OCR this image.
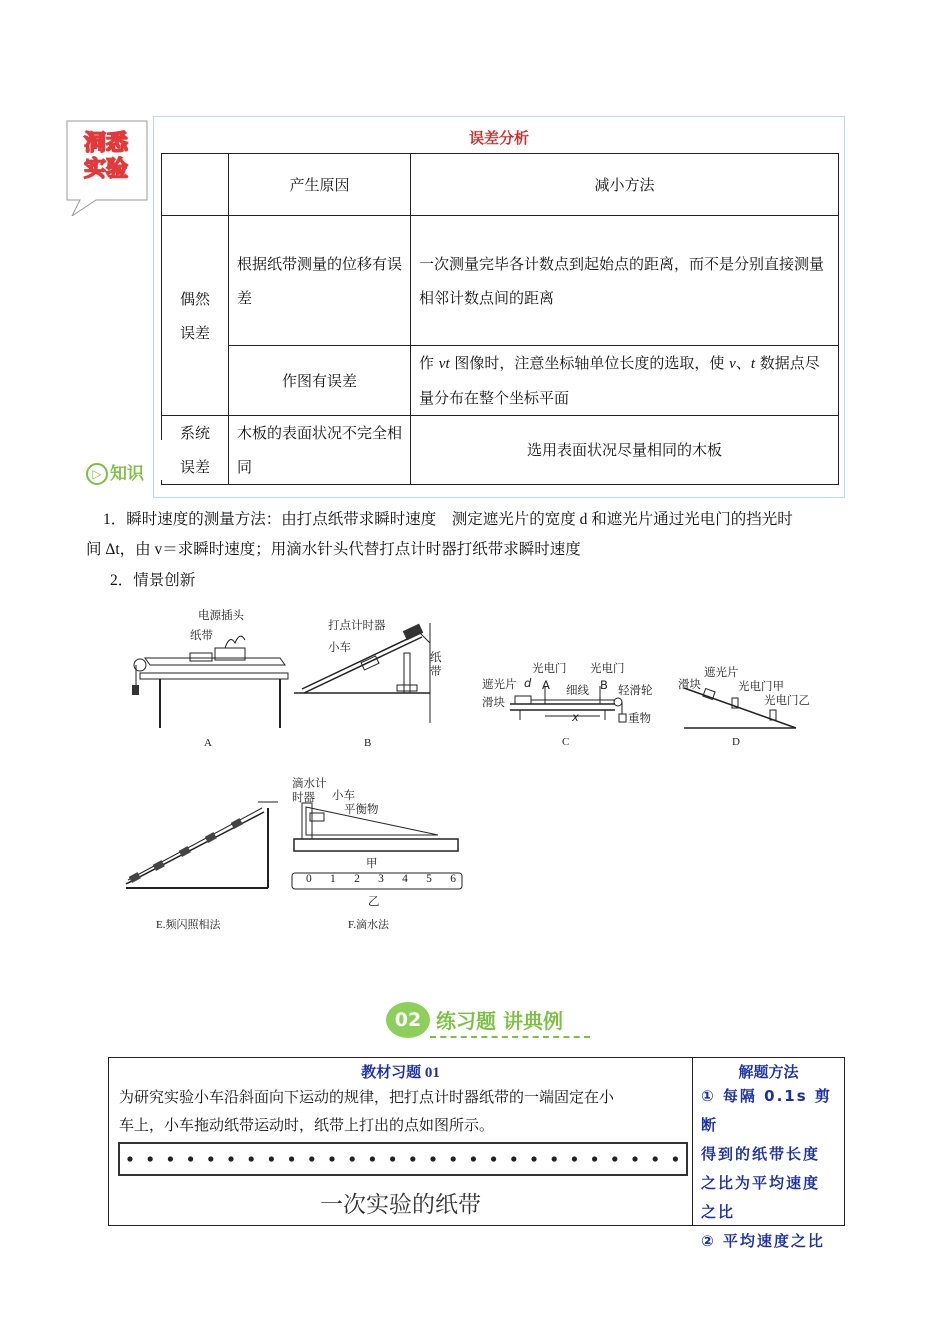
洞悉
实验
误差分析
	产生原因	减小方法

偶然
误差	根据纸带测量的位移有误差	一次测量完毕各计数点到起始点的距离，而不是分别直接测量相邻计数点间的距离
	作图有误差	作 vt 图像时，注意坐标轴单位长度的选取，使 v、t 数据点尽量分布在整个坐标平面

系统
误差	木板的表面状况不完全相同	选用表面状况尽量相同的木板
▷ 知识
1．瞬时速度的测量方法：由打点纸带求瞬时速度　测定遮光片的宽度 d 和遮光片通过光电门的挡光时
间 Δt，由 v＝求瞬时速度；用滴水针头代替打点计时器打纸带求瞬时速度
2．情景创新
电源插头
纸带
A
打点计时器
小车
纸
带
B
光电门 光电门
遮光片 d A	B
细线	轻滑轮
滑块
x	重物
C
遮光片
滑块	光电门甲
光电门乙
D
E.频闪照相法
滴水计
时器 小车
平衡物
甲
0 1 2 3 4 5 6
乙
F.滴水法
02 练习题 讲典例
教材习题 01
为研究实验小车沿斜面向下运动的规律，把打点计时器纸带的一端固定在小
车上，小车拖动纸带运动时，纸带上打出的点如图所示。
一次实验的纸带
解题方法
① 每隔 0.1s 剪断
得到的纸带长度
之比为平均速度
之比
② 平均速度之比
